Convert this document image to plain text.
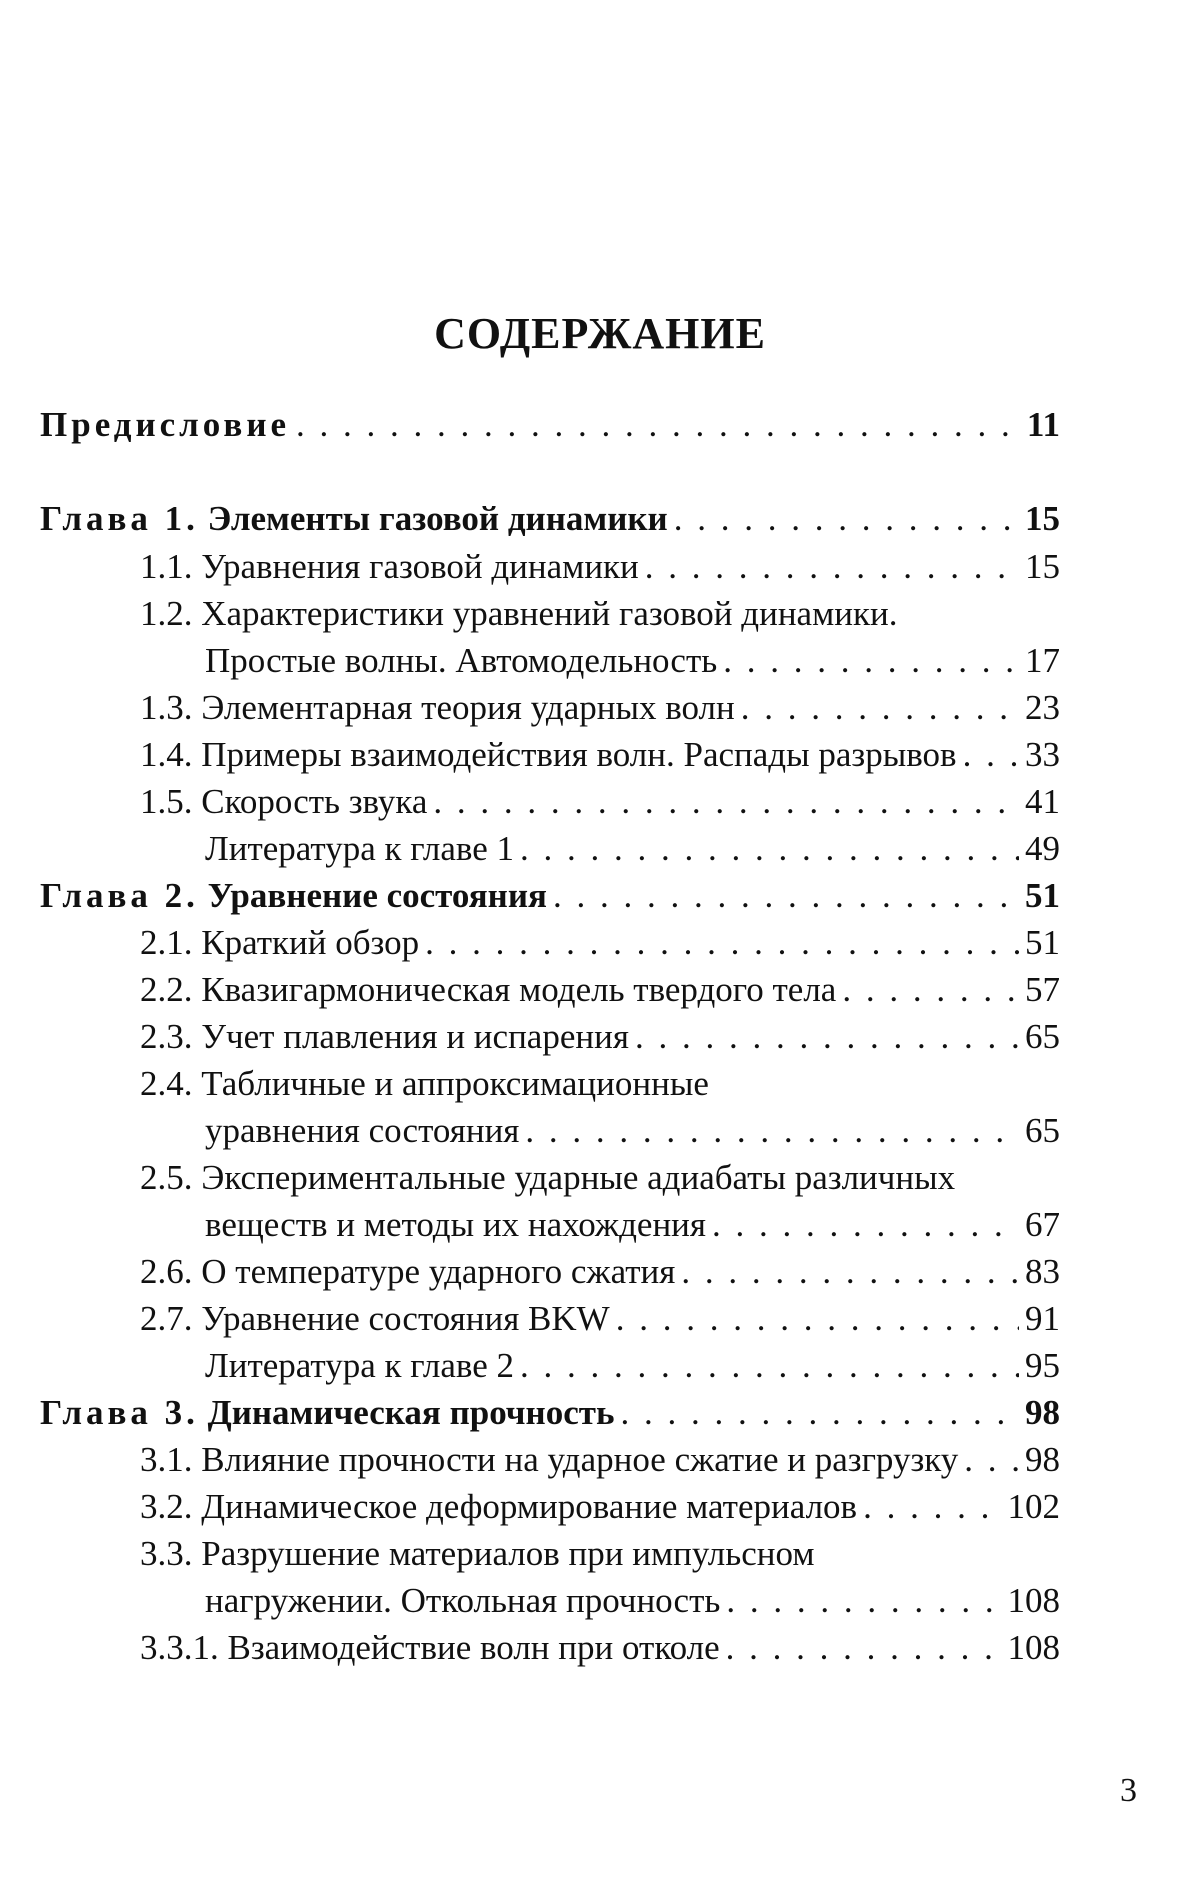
СОДЕРЖАНИЕ
Предисловие . . .	11
Глава 1. Элементы газовой динамики . . .	15
1.1. Уравнения газовой динамики . . .	15
1.2. Характеристики уравнений газовой динамики.
Простые волны. Автомодельность . . .	17
1.3. Элементарная теория ударных волн . . .	23
1.4. Примеры взаимодействия волн. Распады разрывов . . . 33
1.5. Скорость звука . . .	41
Литература к главе 1 . . .	49
Глава 2. Уравнение состояния . . .	51
2.1. Краткий обзор . . .	51
2.2. Квазигармоническая модель твердого тела . . .	57
2.3. Учет плавления и испарения . . .	65
2.4. Табличные и аппроксимационные
уравнения состояния . . .	65
2.5. Экспериментальные ударные адиабаты различных
веществ и методы их нахождения . . .	67
2.6. О температуре ударного сжатия . . .	83
2.7. Уравнение состояния BKW . . .	91
Литература к главе 2 . . .	95
Глава 3. Динамическая прочность . . .	98
3.1. Влияние прочности на ударное сжатие и разгрузку . . . 98
3.2. Динамическое деформирование материалов . . .	102
3.3. Разрушение материалов при импульсном
нагружении. Откольная прочность . . .	108
3.3.1. Взаимодействие волн при отколе . . .	108
3
